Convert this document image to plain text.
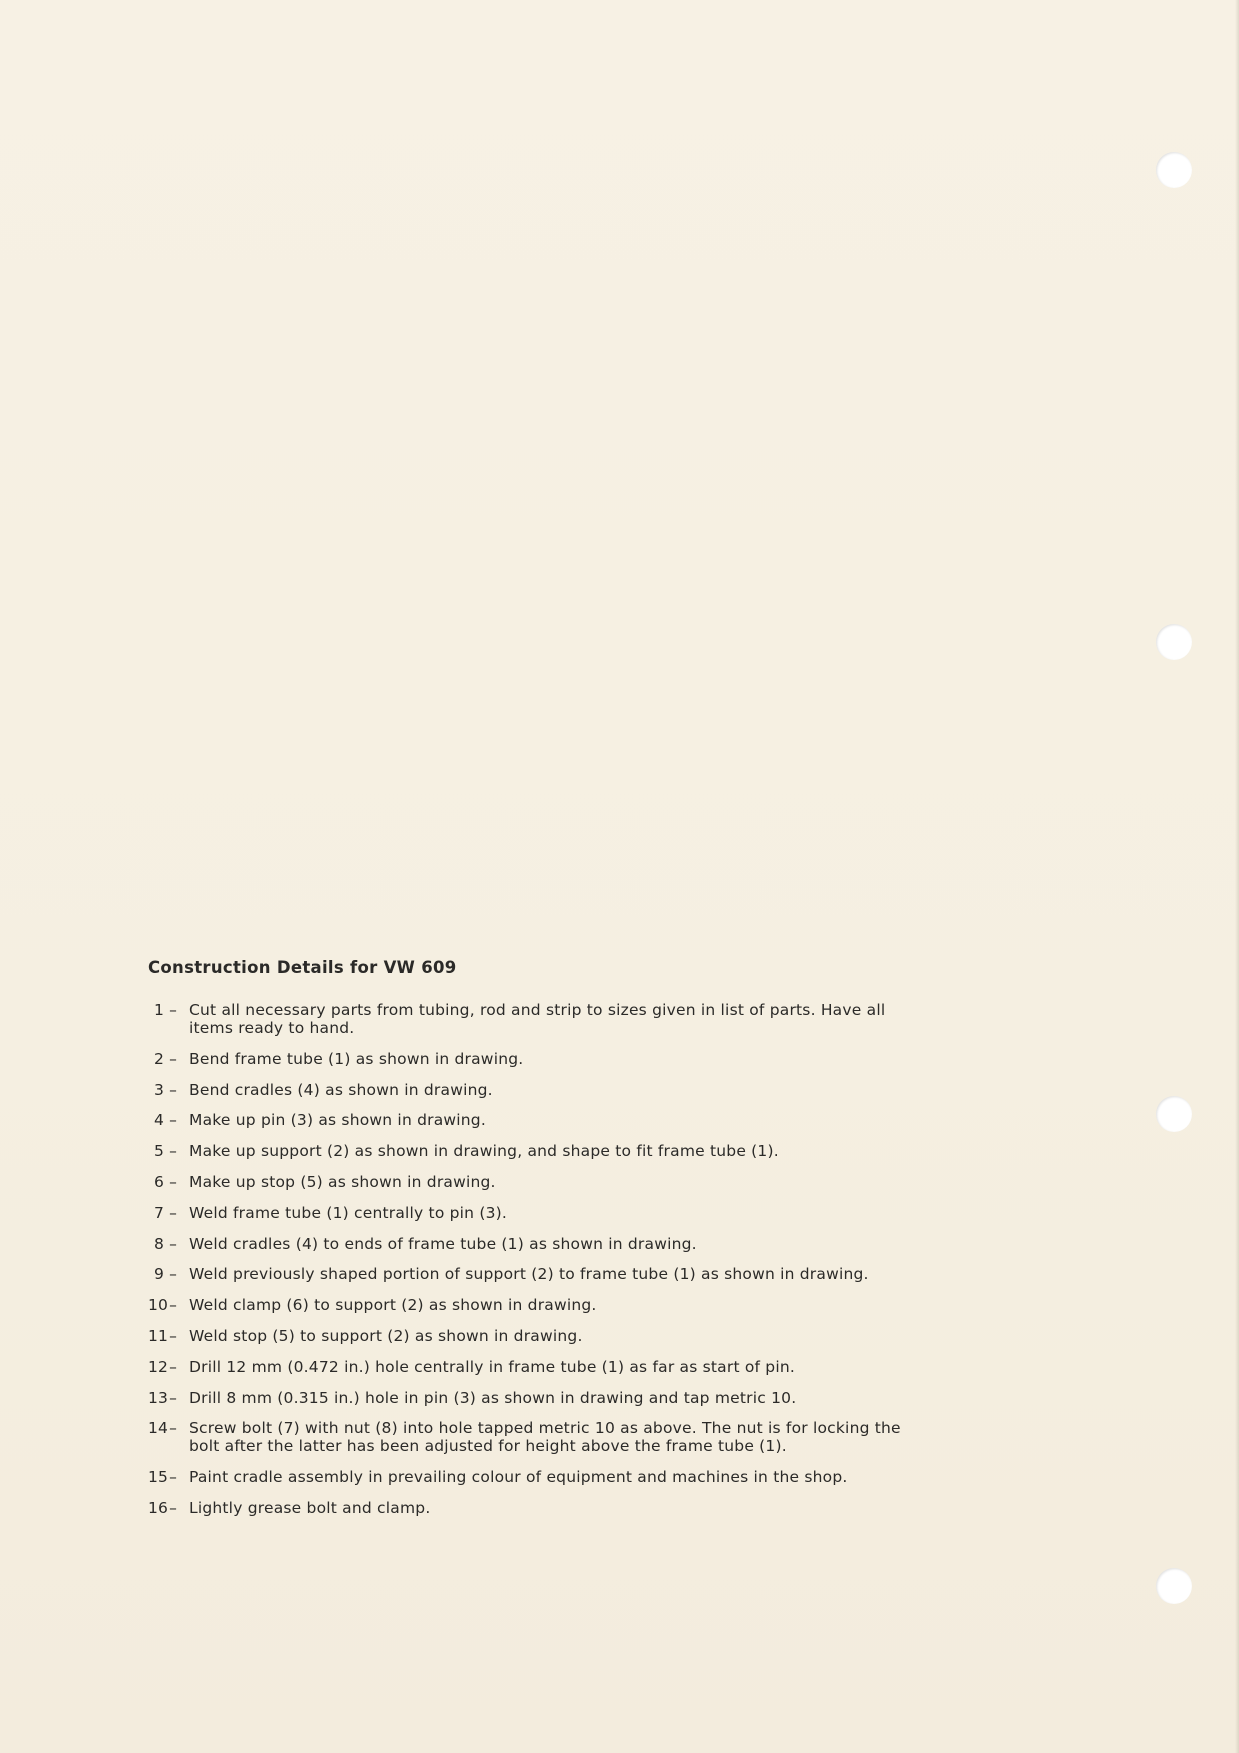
Construction Details for VW 609
1 – Cut all necessary parts from tubing, rod and strip to sizes given in list of parts. Have all items ready to hand.
2 – Bend frame tube (1) as shown in drawing.
3 – Bend cradles (4) as shown in drawing.
4 – Make up pin (3) as shown in drawing.
5 – Make up support (2) as shown in drawing, and shape to fit frame tube (1).
6 – Make up stop (5) as shown in drawing.
7 – Weld frame tube (1) centrally to pin (3).
8 – Weld cradles (4) to ends of frame tube (1) as shown in drawing.
9 – Weld previously shaped portion of support (2) to frame tube (1) as shown in drawing.
10 – Weld clamp (6) to support (2) as shown in drawing.
11 – Weld stop (5) to support (2) as shown in drawing.
12 – Drill 12 mm (0.472 in.) hole centrally in frame tube (1) as far as start of pin.
13 – Drill 8 mm (0.315 in.) hole in pin (3) as shown in drawing and tap metric 10.
14 – Screw bolt (7) with nut (8) into hole tapped metric 10 as above. The nut is for locking the bolt after the latter has been adjusted for height above the frame tube (1).
15 – Paint cradle assembly in prevailing colour of equipment and machines in the shop.
16 – Lightly grease bolt and clamp.
